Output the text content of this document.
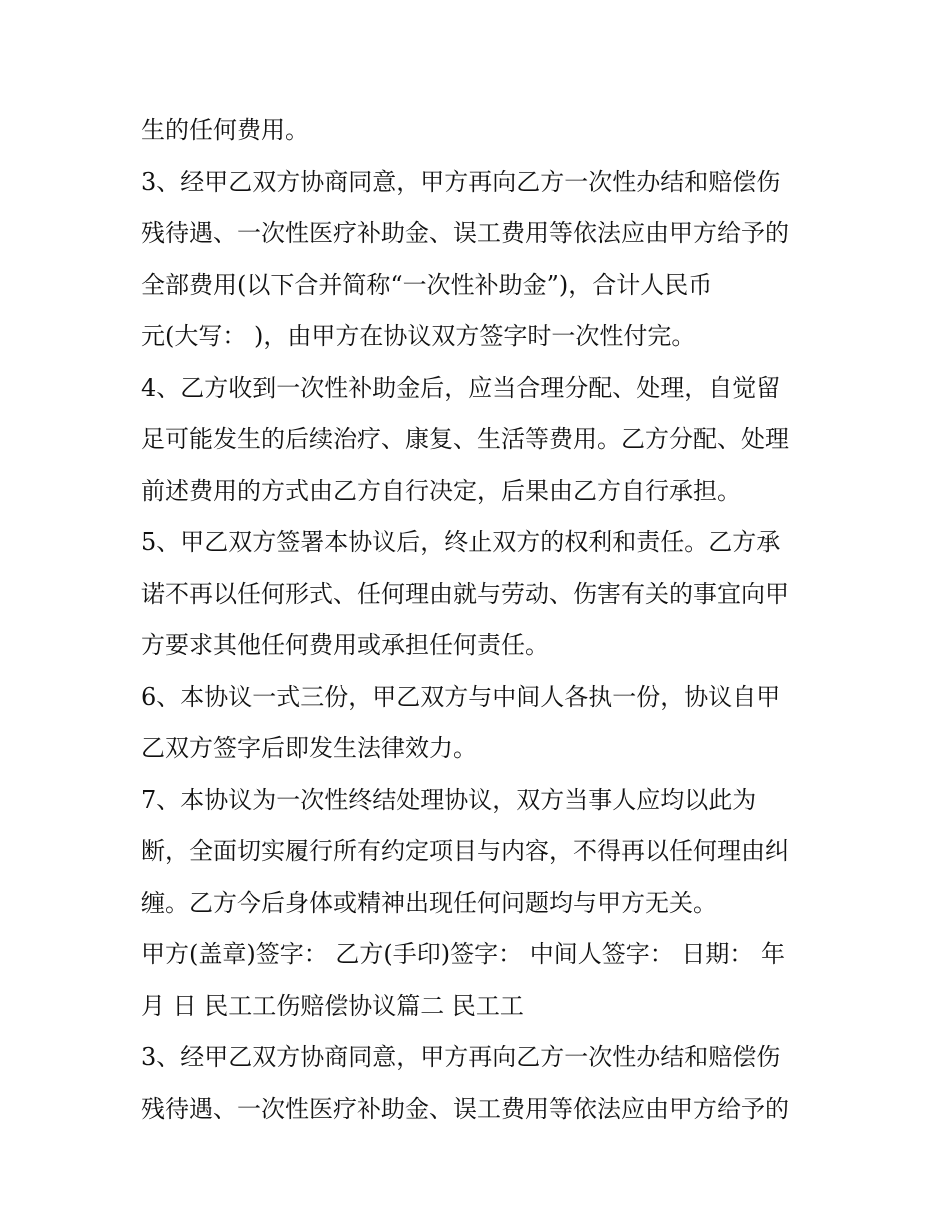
生的任何费用。
3、经甲乙双方协商同意，甲方再向乙方一次性办结和赔偿伤
残待遇、一次性医疗补助金、误工费用等依法应由甲方给予的
全部费用(以下合并简称“一次性补助金”)，合计人民币
元(大写： )，由甲方在协议双方签字时一次性付完。
4、乙方收到一次性补助金后，应当合理分配、处理，自觉留
足可能发生的后续治疗、康复、生活等费用。乙方分配、处理
前述费用的方式由乙方自行决定，后果由乙方自行承担。
5、甲乙双方签署本协议后，终止双方的权利和责任。乙方承
诺不再以任何形式、任何理由就与劳动、伤害有关的事宜向甲
方要求其他任何费用或承担任何责任。
6、本协议一式三份，甲乙双方与中间人各执一份，协议自甲
乙双方签字后即发生法律效力。
7、本协议为一次性终结处理协议，双方当事人应均以此为
断，全面切实履行所有约定项目与内容，不得再以任何理由纠
缠。乙方今后身体或精神出现任何问题均与甲方无关。
甲方(盖章)签字： 乙方(手印)签字： 中间人签字： 日期： 年
月 日 民工工伤赔偿协议篇二 民工工
3、经甲乙双方协商同意，甲方再向乙方一次性办结和赔偿伤
残待遇、一次性医疗补助金、误工费用等依法应由甲方给予的
